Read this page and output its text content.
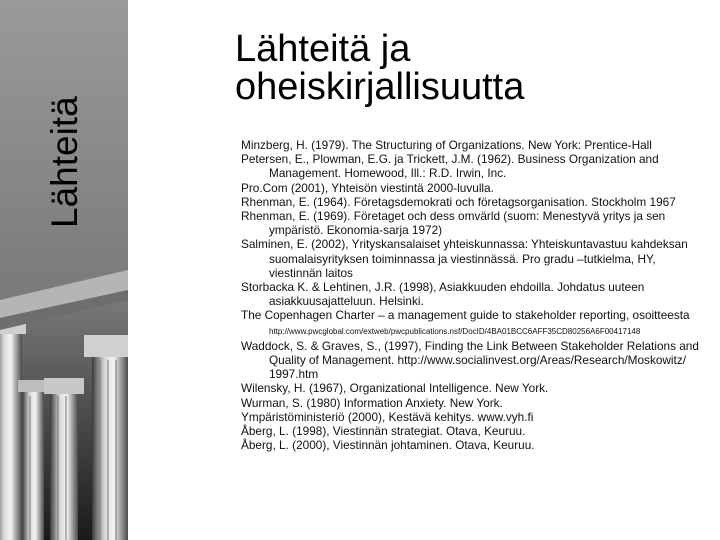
Lähteitä
Lähteitä ja
oheiskirjallisuutta

Minzberg, H. (1979). The Structuring of Organizations. New York: Prentice-Hall

Petersen, E., Plowman, E.G. ja Trickett, J.M. (1962). Business Organization and Management. Homewood, Ill.: R.D. Irwin, Inc.

Pro.Com (2001), Yhteisön viestintä 2000-luvulla.

Rhenman, E. (1964). Företagsdemokrati och företagsorganisation. Stockholm 1967

Rhenman, E. (1969). Företaget och dess omvärld (suom: Menestyvä yritys ja sen ympäristö. Ekonomia-sarja 1972)

Salminen, E. (2002), Yrityskansalaiset yhteiskunnassa: Yhteiskuntavastuu kahdeksan suomalaisyrityksen toiminnassa ja viestinnässä. Pro gradu –tutkielma, HY, viestinnän laitos

Storbacka K. & Lehtinen, J.R. (1998), Asiakkuuden ehdoilla. Johdatus uuteen asiakkuusajatteluun. Helsinki.

The Copenhagen Charter – a management guide to stakeholder reporting, osoitteesta http://www.pwcglobal.com/extweb/pwcpublications.nsf/DocID/4BA01BCC6AFF35CD80256A6F00417148

Waddock, S. & Graves, S., (1997), Finding the Link Between Stakeholder Relations and Quality of Management. http://www.socialinvest.org/Areas/Research/Moskowitz/ 1997.htm

Wilensky, H. (1967), Organizational Intelligence. New York.

Wurman, S. (1980) Information Anxiety. New York.

Ympäristöministeriö (2000), Kestävä kehitys. www.vyh.fi

Åberg, L. (1998), Viestinnän strategiat. Otava, Keuruu.

Åberg, L. (2000), Viestinnän johtaminen. Otava, Keuruu.
